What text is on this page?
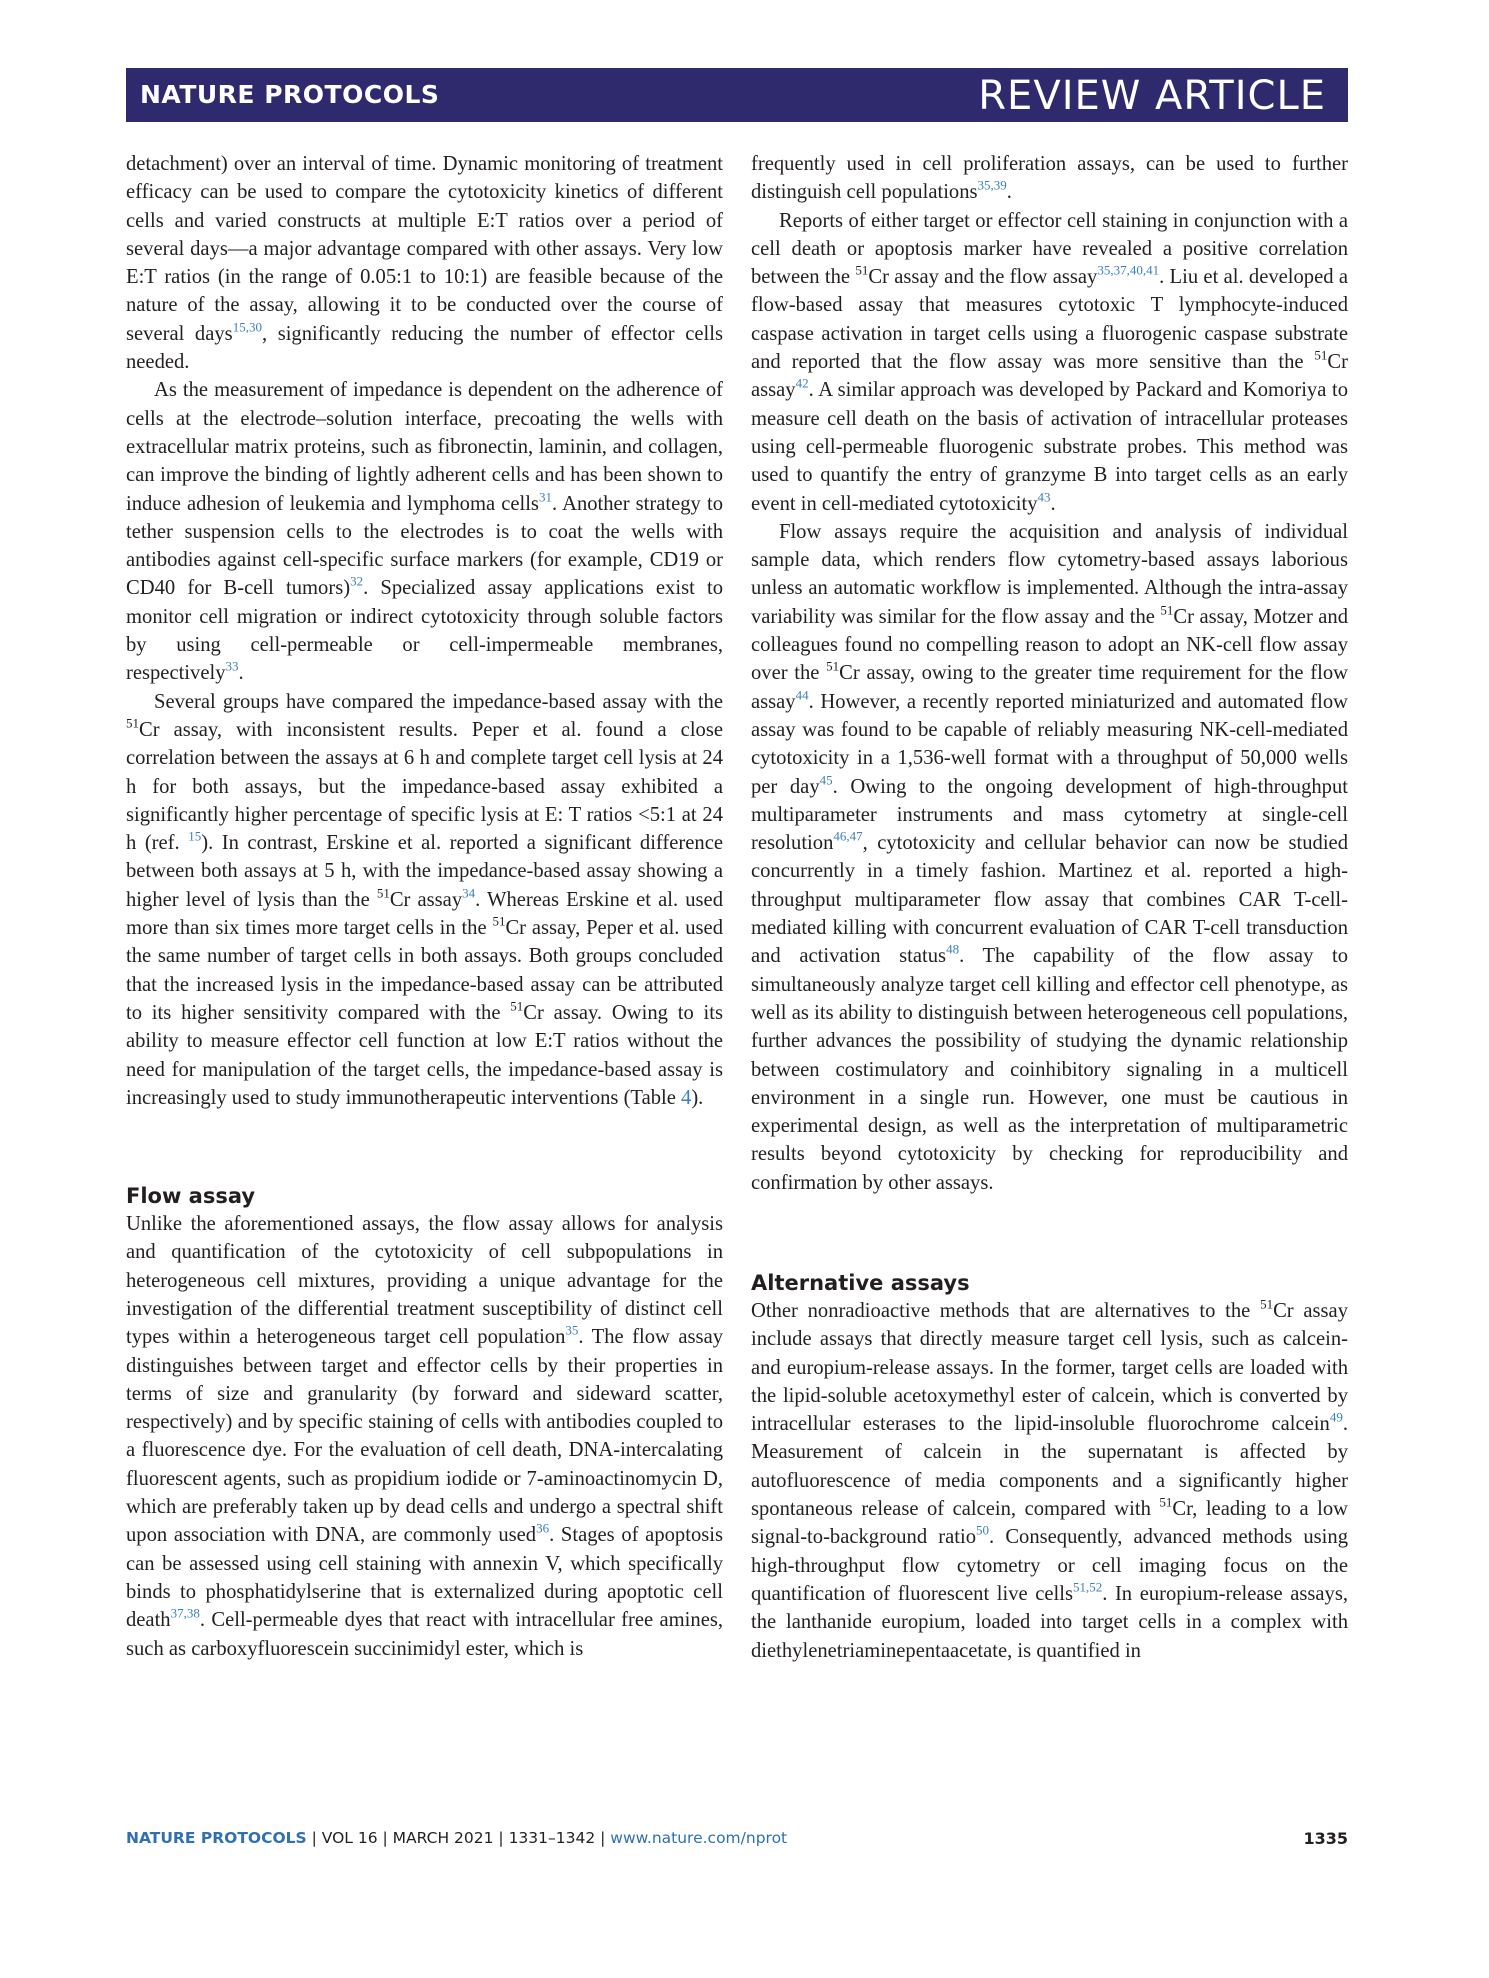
NATURE PROTOCOLS	REVIEW ARTICLE

detachment) over an interval of time. Dynamic monitoring of treatment efficacy can be used to compare the cytotoxicity kinetics of different cells and varied constructs at multiple E:T ratios over a period of several days—a major advantage compared with other assays. Very low E:T ratios (in the range of 0.05:1 to 10:1) are feasible because of the nature of the assay, allowing it to be conducted over the course of several days$^{15,30}$, significantly reducing the number of effector cells needed.

As the measurement of impedance is dependent on the adherence of cells at the electrode–solution interface, precoating the wells with extracellular matrix proteins, such as fibronectin, laminin, and collagen, can improve the binding of lightly adherent cells and has been shown to induce adhesion of leukemia and lymphoma cells$^{31}$. Another strategy to tether suspension cells to the electrodes is to coat the wells with antibodies against cell-specific surface markers (for example, CD19 or CD40 for B-cell tumors)$^{32}$. Specialized assay applications exist to monitor cell migration or indirect cytotoxicity through soluble factors by using cell-permeable or cell-impermeable membranes, respectively$^{33}$.

Several groups have compared the impedance-based assay with the $^{51}$Cr assay, with inconsistent results. Peper et al. found a close correlation between the assays at 6 h and complete target cell lysis at 24 h for both assays, but the impedance-based assay exhibited a significantly higher percentage of specific lysis at E: T ratios <5:1 at 24 h (ref. $^{15}$). In contrast, Erskine et al. reported a significant difference between both assays at 5 h, with the impedance-based assay showing a higher level of lysis than the $^{51}$Cr assay$^{34}$. Whereas Erskine et al. used more than six times more target cells in the $^{51}$Cr assay, Peper et al. used the same number of target cells in both assays. Both groups concluded that the increased lysis in the impedance-based assay can be attributed to its higher sensitivity compared with the $^{51}$Cr assay. Owing to its ability to measure effector cell function at low E:T ratios without the need for manipulation of the target cells, the impedance-based assay is increasingly used to study immunotherapeutic interventions (Table 4).

Flow assay

Unlike the aforementioned assays, the flow assay allows for analysis and quantification of the cytotoxicity of cell subpopulations in heterogeneous cell mixtures, providing a unique advantage for the investigation of the differential treatment susceptibility of distinct cell types within a heterogeneous target cell population$^{35}$. The flow assay distinguishes between target and effector cells by their properties in terms of size and granularity (by forward and sideward scatter, respectively) and by specific staining of cells with antibodies coupled to a fluorescence dye. For the evaluation of cell death, DNA-intercalating fluorescent agents, such as propidium iodide or 7-aminoactinomycin D, which are preferably taken up by dead cells and undergo a spectral shift upon association with DNA, are commonly used$^{36}$. Stages of apoptosis can be assessed using cell staining with annexin V, which specifically binds to phosphatidylserine that is externalized during apoptotic cell death$^{37,38}$. Cell-permeable dyes that react with intracellular free amines, such as carboxyfluorescein succinimidyl ester, which is

frequently used in cell proliferation assays, can be used to further distinguish cell populations$^{35,39}$.

Reports of either target or effector cell staining in conjunction with a cell death or apoptosis marker have revealed a positive correlation between the $^{51}$Cr assay and the flow assay$^{35,37,40,41}$. Liu et al. developed a flow-based assay that measures cytotoxic T lymphocyte-induced caspase activation in target cells using a fluorogenic caspase substrate and reported that the flow assay was more sensitive than the $^{51}$Cr assay$^{42}$. A similar approach was developed by Packard and Komoriya to measure cell death on the basis of activation of intracellular proteases using cell-permeable fluorogenic substrate probes. This method was used to quantify the entry of granzyme B into target cells as an early event in cell-mediated cytotoxicity$^{43}$.

Flow assays require the acquisition and analysis of individual sample data, which renders flow cytometry-based assays laborious unless an automatic workflow is implemented. Although the intra-assay variability was similar for the flow assay and the $^{51}$Cr assay, Motzer and colleagues found no compelling reason to adopt an NK-cell flow assay over the $^{51}$Cr assay, owing to the greater time requirement for the flow assay$^{44}$. However, a recently reported miniaturized and automated flow assay was found to be capable of reliably measuring NK-cell-mediated cytotoxicity in a 1,536-well format with a throughput of 50,000 wells per day$^{45}$. Owing to the ongoing development of high-throughput multiparameter instruments and mass cytometry at single-cell resolution$^{46,47}$, cytotoxicity and cellular behavior can now be studied concurrently in a timely fashion. Martinez et al. reported a high-throughput multiparameter flow assay that combines CAR T-cell-mediated killing with concurrent evaluation of CAR T-cell transduction and activation status$^{48}$. The capability of the flow assay to simultaneously analyze target cell killing and effector cell phenotype, as well as its ability to distinguish between heterogeneous cell populations, further advances the possibility of studying the dynamic relationship between costimulatory and coinhibitory signaling in a multicell environment in a single run. However, one must be cautious in experimental design, as well as the interpretation of multiparametric results beyond cytotoxicity by checking for reproducibility and confirmation by other assays.

Alternative assays

Other nonradioactive methods that are alternatives to the $^{51}$Cr assay include assays that directly measure target cell lysis, such as calcein- and europium-release assays. In the former, target cells are loaded with the lipid-soluble acetoxymethyl ester of calcein, which is converted by intracellular esterases to the lipid-insoluble fluorochrome calcein$^{49}$. Measurement of calcein in the supernatant is affected by autofluorescence of media components and a significantly higher spontaneous release of calcein, compared with $^{51}$Cr, leading to a low signal-to-background ratio$^{50}$. Consequently, advanced methods using high-throughput flow cytometry or cell imaging focus on the quantification of fluorescent live cells$^{51,52}$. In europium-release assays, the lanthanide europium, loaded into target cells in a complex with diethylenetriaminepentaacetate, is quantified in

NATURE PROTOCOLS | VOL 16 | MARCH 2021 | 1331–1342 | www.nature.com/nprot	1335
